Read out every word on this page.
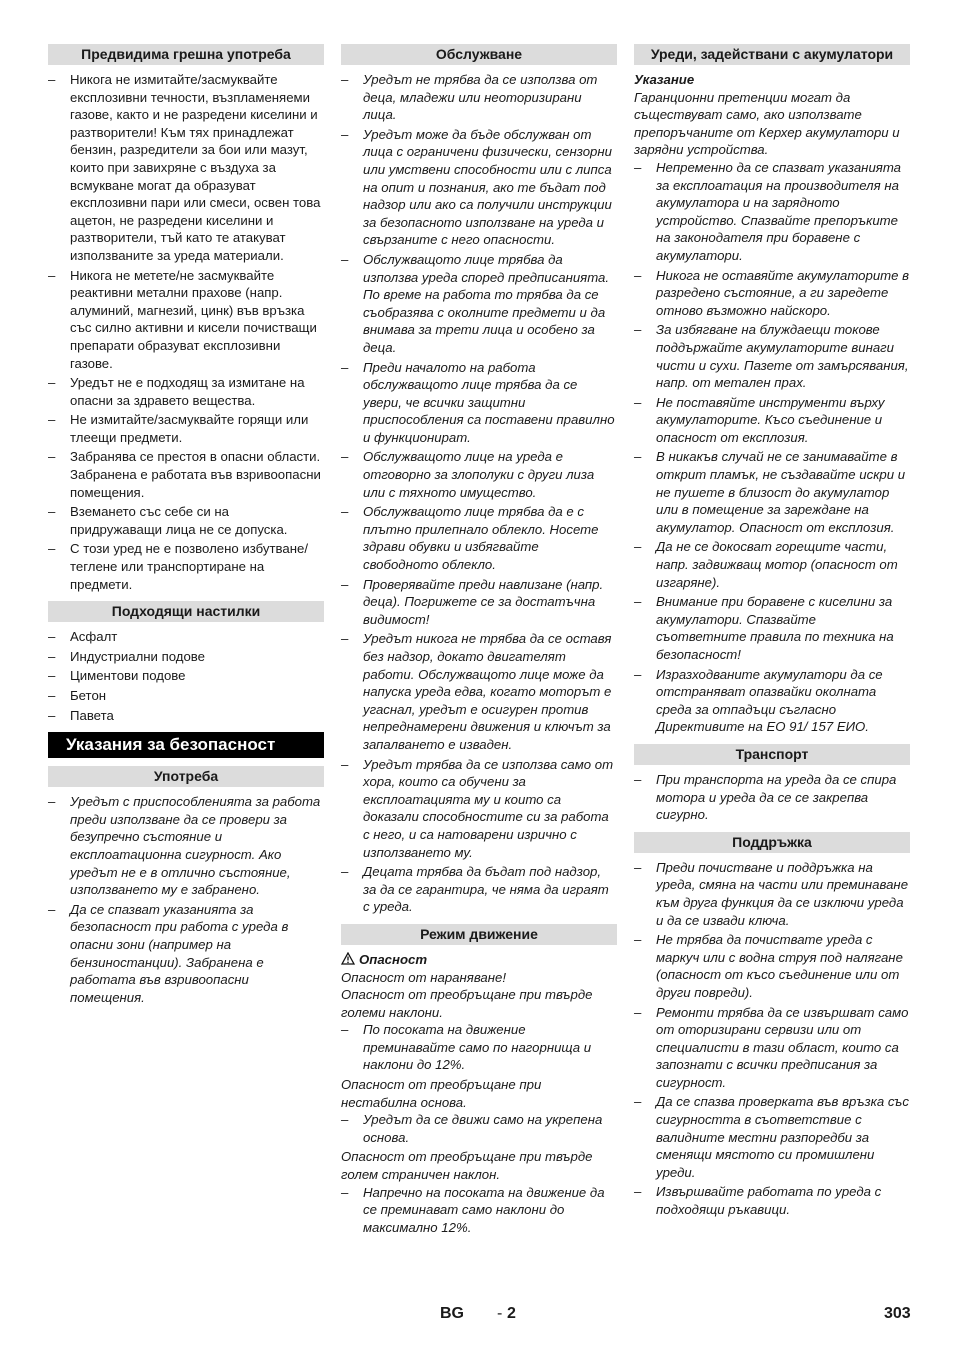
Предвидима грешна употреба
– Никога не измитайте/засмуквайте експлозивни течности, възпламеняеми газове, както и не разредени киселини и разтворители! Към тях принадлежат бензин, разредители за бои или мазут, които при завихряне с въздуха за всмукване могат да образуват експлозивни пари или смеси, освен това ацетон, не разредени киселини и разтворители, тъй като те атакуват използваните за уреда материали.
– Никога не метете/не засмуквайте реактивни метални прахове (напр. алуминий, магнезий, цинк) във връзка със силно активни и кисели почистващи препарати образуват експлозивни газове.
– Уредът не е подходящ за измитане на опасни за здравето вещества.
– Не измитайте/засмуквайте горящи или тлеещи предмети.
– Забранява се престоя в опасни области. Забранена е работата във взривоопасни помещения.
– Вземането със себе си на придружаващи лица не се допуска.
– С този уред не е позволено избутване/теглене или транспортиране на предмети.
Подходящи настилки
– Асфалт
– Индустриални подове
– Циментови подове
– Бетон
– Павета
Указания за безопасност
Употреба
– Уредът с приспособленията за работа преди използване да се провери за безупречно състояние и експлоатационна сигурност. Ако уредът не е в отлично състояние, използването му е забранено.
– Да се спазват указанията за безопасност при работа с уреда в опасни зони (например на бензиностанции). Забранена е работата във взривоопасни помещения.
Обслужване
– Уредът не трябва да се използва от деца, младежи или неоторизирани лица.
– Уредът може да бъде обслужван от лица с ограничени физически, сензорни или умствени способности или с липса на опит и познания, ако те бъдат под надзор или ако са получили инструкции за безопасното използване на уреда и свързаните с него опасности.
– Обслужващото лице трябва да използва уреда според предписанията. По време на работа то трябва да се съобразява с околните предмети и да внимава за трети лица и особено за деца.
– Преди началото на работа обслужващото лице трябва да се увери, че всички защитни приспособления са поставени правилно и функционират.
– Обслужващото лице на уреда е отговорно за злополуки с други лиза или с тяхното имущество.
– Обслужващото лице трябва да е с плътно прилепнало облекло. Носете здрави обувки и избягвайте свободното облекло.
– Проверявайте преди навлизане (напр. деца). Погрижете се за достатъчна видимост!
– Уредът никога не трябва да се оставя без надзор, докато двигателят работи. Обслужващото лице може да напуска уреда едва, когато моторът е угаснал, уредът е осигурен против непреднамерени движения и ключът за запалването е изваден.
– Уредът трябва да се използва само от хора, които са обучени за експлоатацията му и които са доказали способностите си за работа с него, и са натоварени изрично с използването му.
– Децата трябва да бъдат под надзор, за да се гарантира, че няма да играят с уреда.
Режим движение
Опасност

Опасност от нараняване!

Опасност от преобръщане при твърде големи наклони.

– По посоката на движение преминавайте само по нагорнища и наклони до 12%.

Опасност от преобръщане при нестабилна основа.

– Уредът да се движи само на укрепена основа.

Опасност от преобръщане при твърде голем страничен наклон.

– Напречно на посоката на движение да се преминават само наклони до максимално 12%.
Уреди, задействани с акумулатори
Указание

Гаранционни претенции могат да съществуват само, ако използвате препоръчаните от Керхер акумулатори и зарядни устройства.

– Непременно да се спазват указанията за експлоатация на производителя на акумулатора и на зарядното устройство. Спазвайте препоръките на законодателя при боравене с акумулатори.
– Никога не оставяйте акумулаторите в разредено състояние, а ги заредете отново възможно найскоро.
– За избягване на блуждаещи токове поддържайте акумулаторите винаги чисти и сухи. Пазете от замърсявания, напр. от метален прах.
– Не поставяйте инструменти върху акумулаторите. Късо съединение и опасност от експлозия.
– В никакъв случай не се занимавайте в открит пламък, не създавайте искри и не пушете в близост до акумулатор или в помещение за зареждане на акумулатор. Опасност от експлозия.
– Да не се докосват горещите части, напр. задвижващ мотор (опасност от изгаряне).
– Внимание при боравене с киселини за акумулатори. Спазвайте съответните правила по техника на безопасност!
– Изразходваните акумулатори да се отстраняват опазвайки околната среда за отпадъци съгласно Директивите на ЕО 91/ 157 ЕИО.
Транспорт
– При транспорта на уреда да се спира мотора и уреда да се се закрепва сигурно.
Поддръжка
– Преди почистване и поддръжка на уреда, смяна на части или преминаване към друга функция да се изключи уреда и да се извади ключа.
– Не трябва да почиствате уреда с маркуч или с водна струя под налягане (опасност от късо съединение или от други повреди).
– Ремонти трябва да се извършват само от оторизирани сервизи или от специалисти в тази област, които са запознати с всички предписания за сигурност.
– Да се спазва проверката във връзка със сигурността в съответствие с валидните местни разпоредби за сменящи мястото си промишлени уреди.
– Извършвайте работата по уреда с подходящи ръкавици.
BG - 2	303
